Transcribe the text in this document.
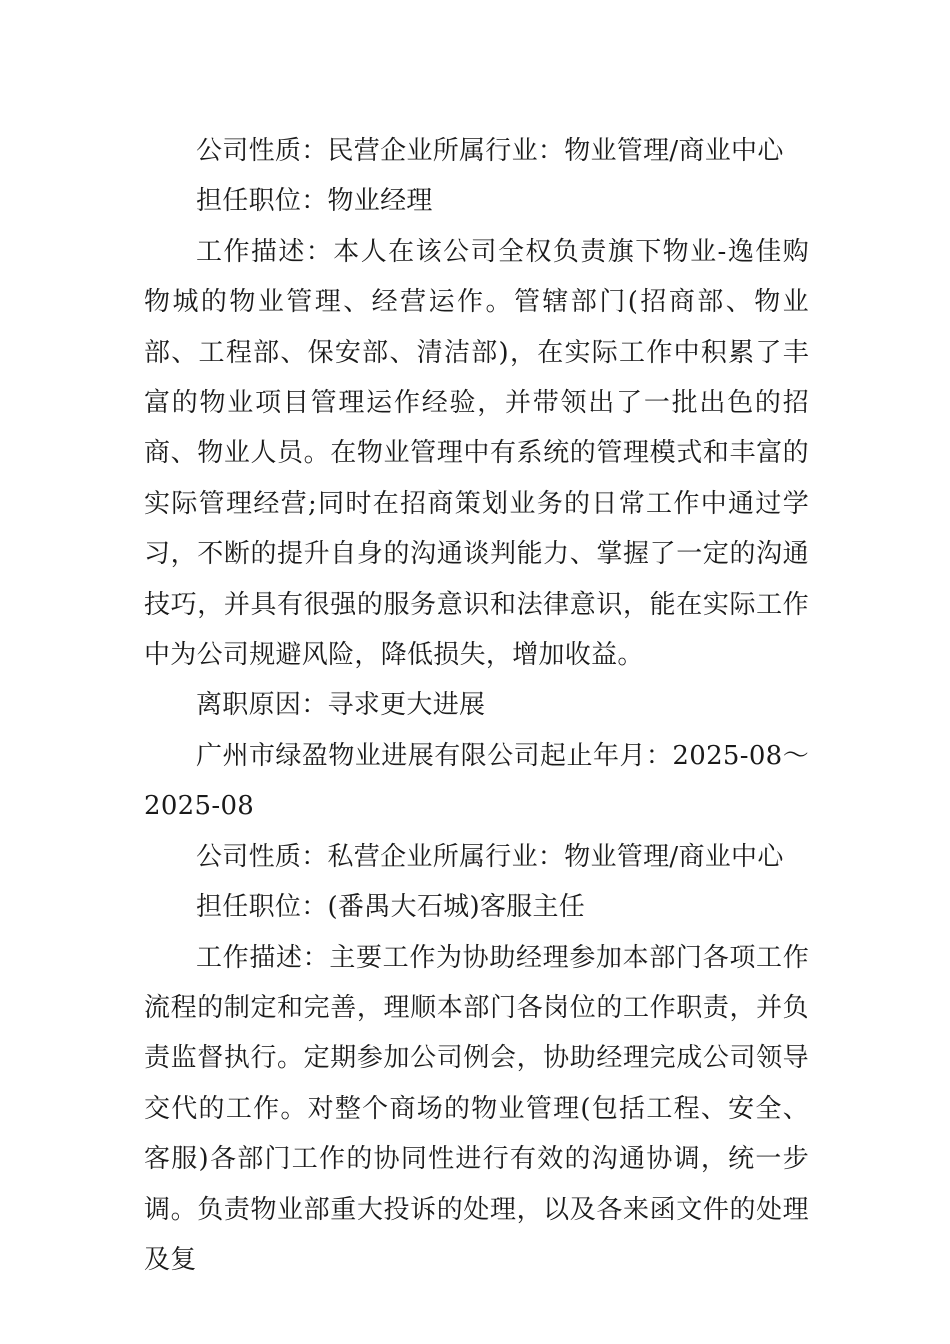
公司性质：民营企业所属行业：物业管理/商业中心

担任职位：物业经理

工作描述：本人在该公司全权负责旗下物业-逸佳购物城的物业管理、经营运作。管辖部门(招商部、物业部、工程部、保安部、清洁部)，在实际工作中积累了丰富的物业项目管理运作经验，并带领出了一批出色的招商、物业人员。在物业管理中有系统的管理模式和丰富的实际管理经营;同时在招商策划业务的日常工作中通过学习，不断的提升自身的沟通谈判能力、掌握了一定的沟通技巧，并具有很强的服务意识和法律意识，能在实际工作中为公司规避风险，降低损失，增加收益。

离职原因：寻求更大进展

广州市绿盈物业进展有限公司起止年月：2025-08～2025-08

公司性质：私营企业所属行业：物业管理/商业中心

担任职位：(番禺大石城)客服主任

工作描述：主要工作为协助经理参加本部门各项工作流程的制定和完善，理顺本部门各岗位的工作职责，并负责监督执行。定期参加公司例会，协助经理完成公司领导交代的工作。对整个商场的物业管理(包括工程、安全、客服)各部门工作的协同性进行有效的沟通协调，统一步调。负责物业部重大投诉的处理，以及各来函文件的处理及复
